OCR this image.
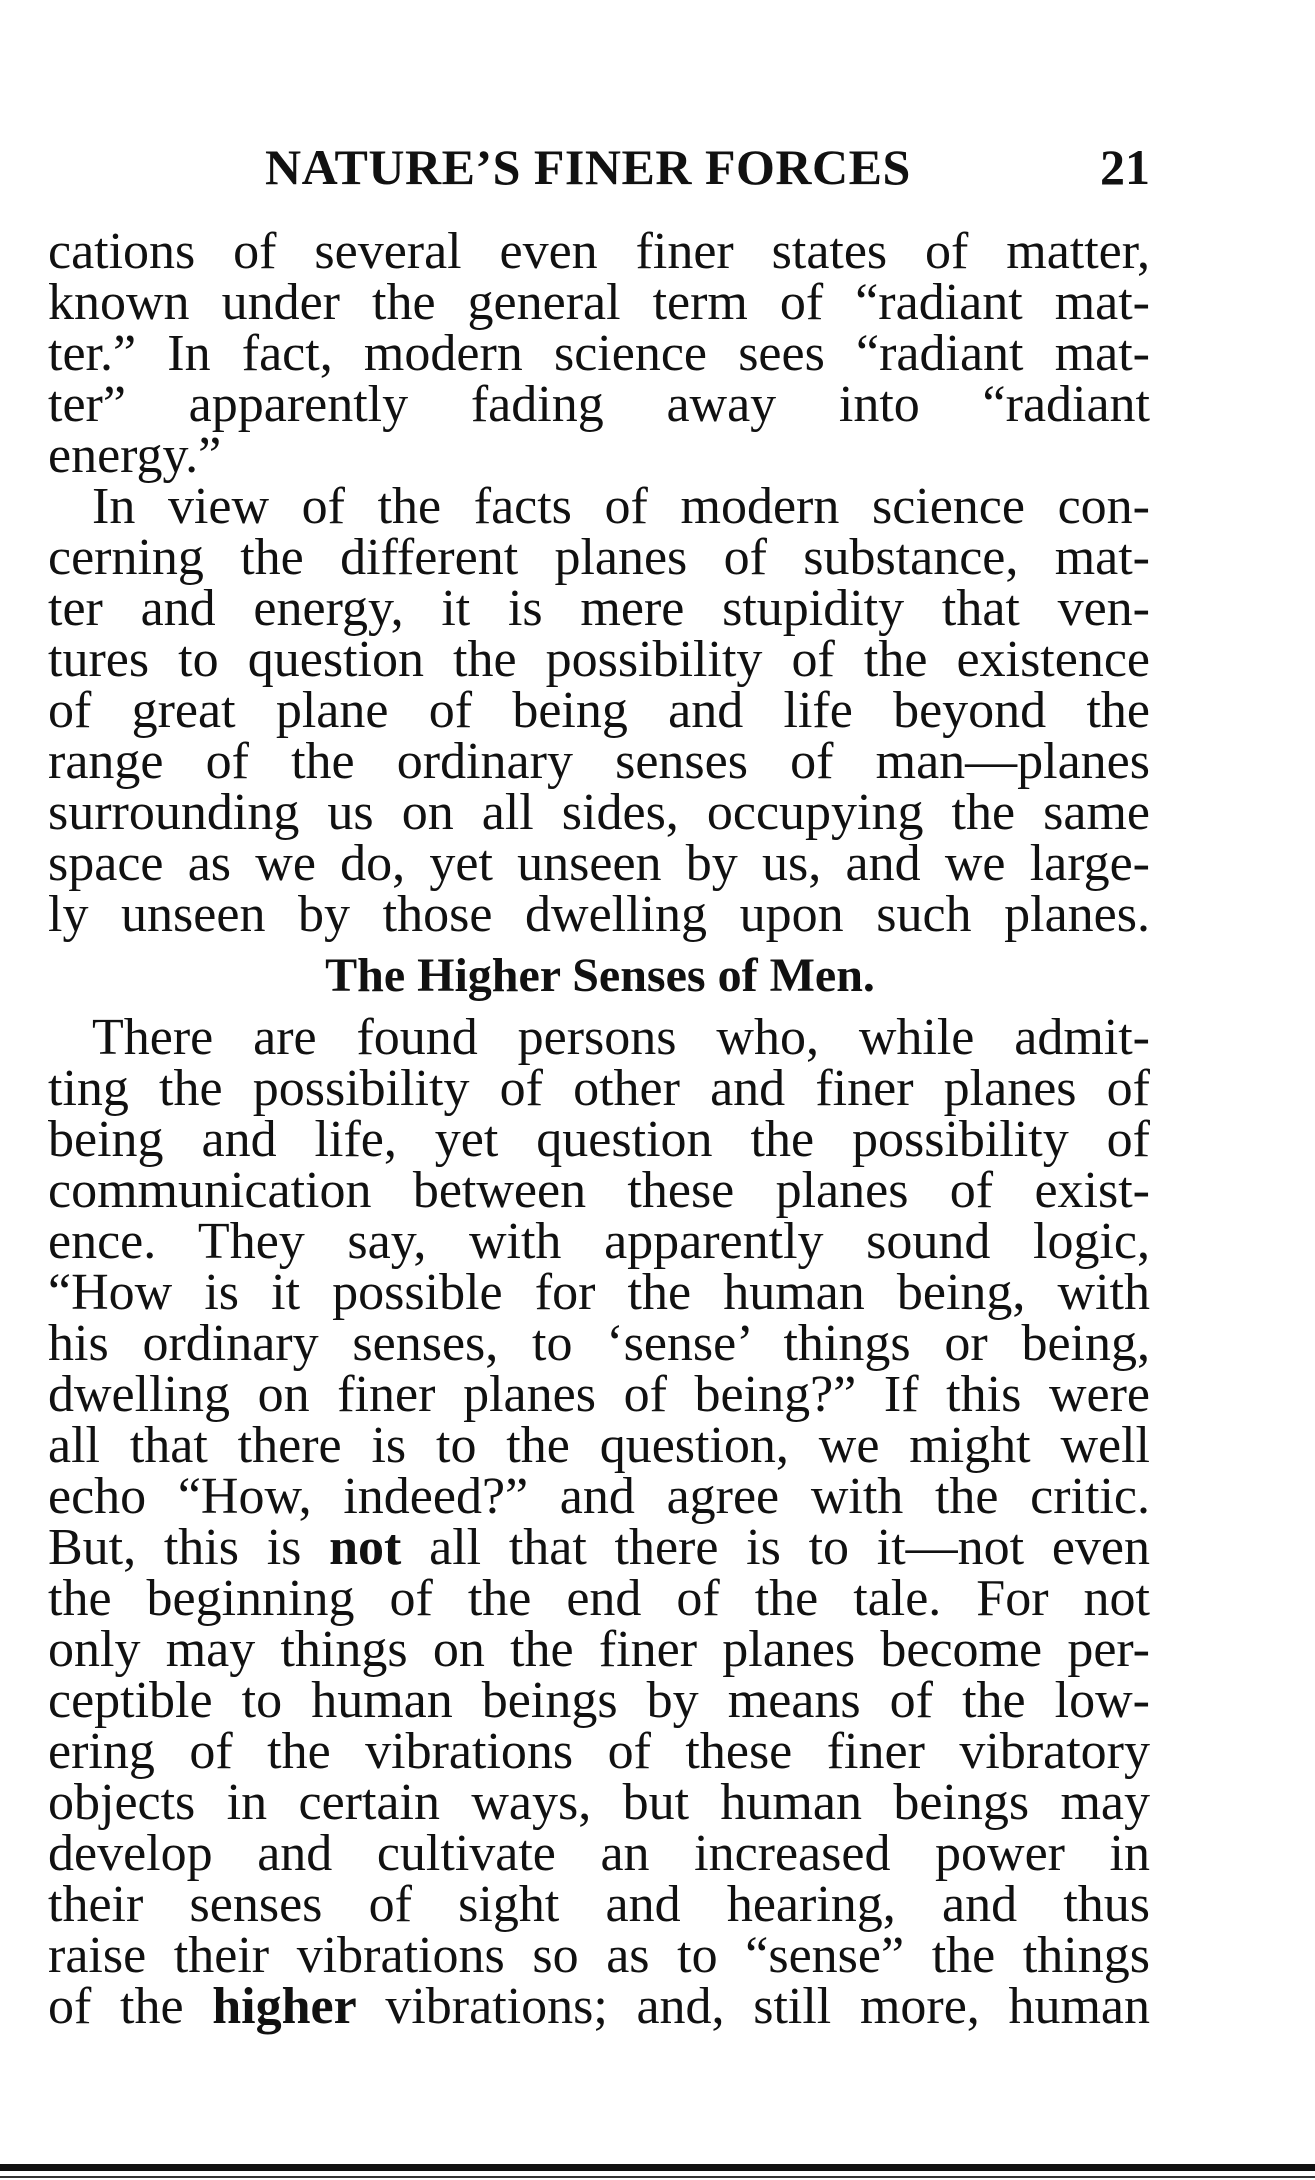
NATURE’S FINER FORCES	21
cations of several even finer states of matter,
known under the general term of “radiant mat-
ter.” In fact, modern science sees “radiant mat-
ter” apparently fading away into “radiant
energy.”
In view of the facts of modern science con-
cerning the different planes of substance, mat-
ter and energy, it is mere stupidity that ven-
tures to question the possibility of the existence
of great plane of being and life beyond the
range of the ordinary senses of man—planes
surrounding us on all sides, occupying the same
space as we do, yet unseen by us, and we large-
ly unseen by those dwelling upon such planes.
The Higher Senses of Men.
There are found persons who, while admit-
ting the possibility of other and finer planes of
being and life, yet question the possibility of
communication between these planes of exist-
ence. They say, with apparently sound logic,
“How is it possible for the human being, with
his ordinary senses, to ‘sense’ things or being,
dwelling on finer planes of being?” If this were
all that there is to the question, we might well
echo “How, indeed?” and agree with the critic.
But, this is not all that there is to it—not even
the beginning of the end of the tale. For not
only may things on the finer planes become per-
ceptible to human beings by means of the low-
ering of the vibrations of these finer vibratory
objects in certain ways, but human beings may
develop and cultivate an increased power in
their senses of sight and hearing, and thus
raise their vibrations so as to “sense” the things
of the higher vibrations; and, still more, human
